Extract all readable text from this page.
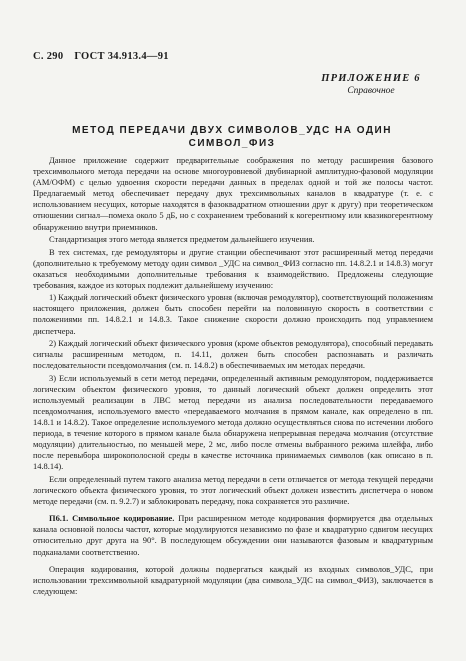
С. 290 ГОСТ 34.913.4—91
ПРИЛОЖЕНИЕ 6
Справочное
МЕТОД ПЕРЕДАЧИ ДВУХ СИМВОЛОВ_УДС НА ОДИН
СИМВОЛ_ФИЗ

Данное приложение содержит предварительные соображения по методу расширения базового трехсимвольного метода передачи на основе многоуровневой двубинарной амплитудно-фазовой модуляции (АМ/ОФМ) с целью удвоения скорости передачи данных в пределах одной и той же полосы частот. Предлагаемый метод обеспечивает передачу двух трехсимвольных каналов в квадратуре (т. е. с использованием несущих, которые находятся в фазоквадратном отношении друг к другу) при теоретическом отношении сигнал—помеха около 5 дБ, но с сохранением требований к когерентному или квазикогерентному обнаружению внутри приемников.

Стандартизация этого метода является предметом дальнейшего изучения.

В тех системах, где ремодуляторы и другие станции обеспечивают этот расширенный метод передачи (дополнительно к требуемому методу один символ _УДС на символ_ФИЗ согласно пп. 14.8.2.1 и 14.8.3) могут оказаться необходимыми дополнительные требования к взаимодействию. Предложены следующие требования, каждое из которых подлежит дальнейшему изучению:

1) Каждый логический объект физического уровня (включая ремодулятор), соответствующий положениям настоящего приложения, должен быть способен перейти на половинную скорость в соответствии с положениями пп. 14.8.2.1 и 14.8.3. Такое снижение скорости должно происходить под управлением диспетчера.

2) Каждый логический объект физического уровня (кроме объектов ремодулятора), способный передавать сигналы расширенным методом, п. 14.11, должен быть способен распознавать и различать последовательности псевдомолчания (см. п. 14.8.2) в обеспечиваемых им методах передачи.

3) Если используемый в сети метод передачи, определенный активным ремодулятором, поддерживается логическим объектом физического уровня, то данный логический объект должен определить этот используемый реализации в ЛВС метод передачи из анализа последовательности передаваемого псевдомолчания, используемого вместо «передаваемого молчания в прямом канале, как определено в пп. 14.8.1 и 14.8.2). Такое определение используемого метода должно осуществляться снова по истечении любого периода, в течение которого в прямом канале была обнаружена непрерывная передача молчания (отсутствие модуляции) длительностью, по меньшей мере, 2 мс, либо после отмены выбранного режима шлейфа, либо после перевыбора широкополосной среды в качестве источника принимаемых символов (как описано в п. 14.8.14).

Если определенный путем такого анализа метод передачи в сети отличается от метода текущей передачи логического объекта физического уровня, то этот логический объект должен известить диспетчера о новом методе передачи (см. п. 9.2.7) и заблокировать передачу, пока сохраняется это различие.

П6.1. Символьное кодирование. При расширенном методе кодирования формируется два отдельных канала основной полосы частот, которые модулируются независимо по фазе и квадратурно сдвигом несущих относительно друг друга на 90°. В последующем обсуждении они называются фазовым и квадратурным подканалами соответственно.

Операция кодирования, которой должны подвергаться каждый из входных символов_УДС, при использовании трехсимвольной квадратурной модуляции (два символа_УДС на символ_ФИЗ), заключается в следующем:
